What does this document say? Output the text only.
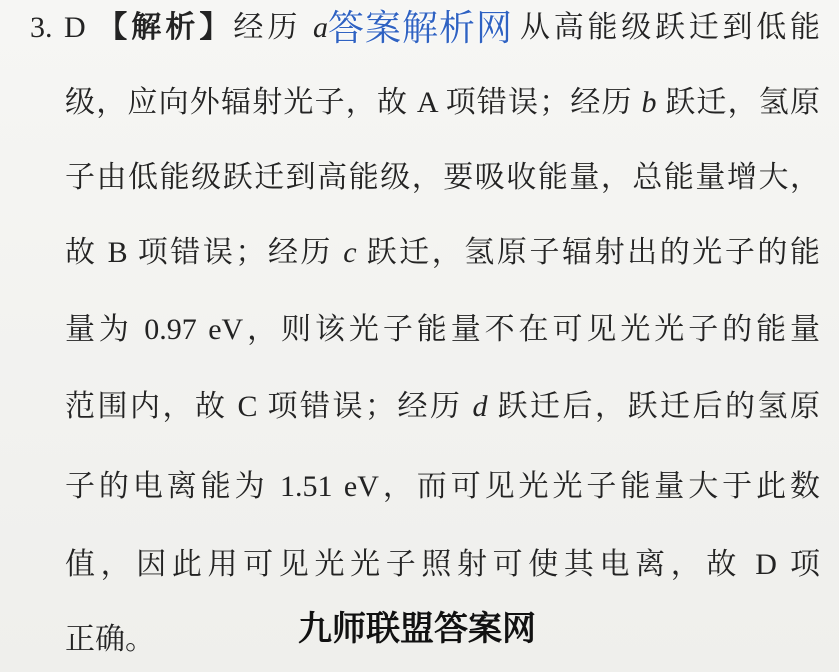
3. D 【解析】经历 a	从高能级跃迁到低能
级，应向外辐射光子，故 A 项错误；经历 b 跃迁，氢原
子由低能级跃迁到高能级，要吸收能量，总能量增大，
故 B 项错误；经历 c 跃迁，氢原子辐射出的光子的能
量为 0.97 eV，则该光子能量不在可见光光子的能量
范围内，故 C 项错误；经历 d 跃迁后，跃迁后的氢原
子的电离能为 1.51 eV，而可见光光子能量大于此数
值，因此用可见光光子照射可使其电离，故 D 项
正确。
答案解析网
九师联盟答案网
